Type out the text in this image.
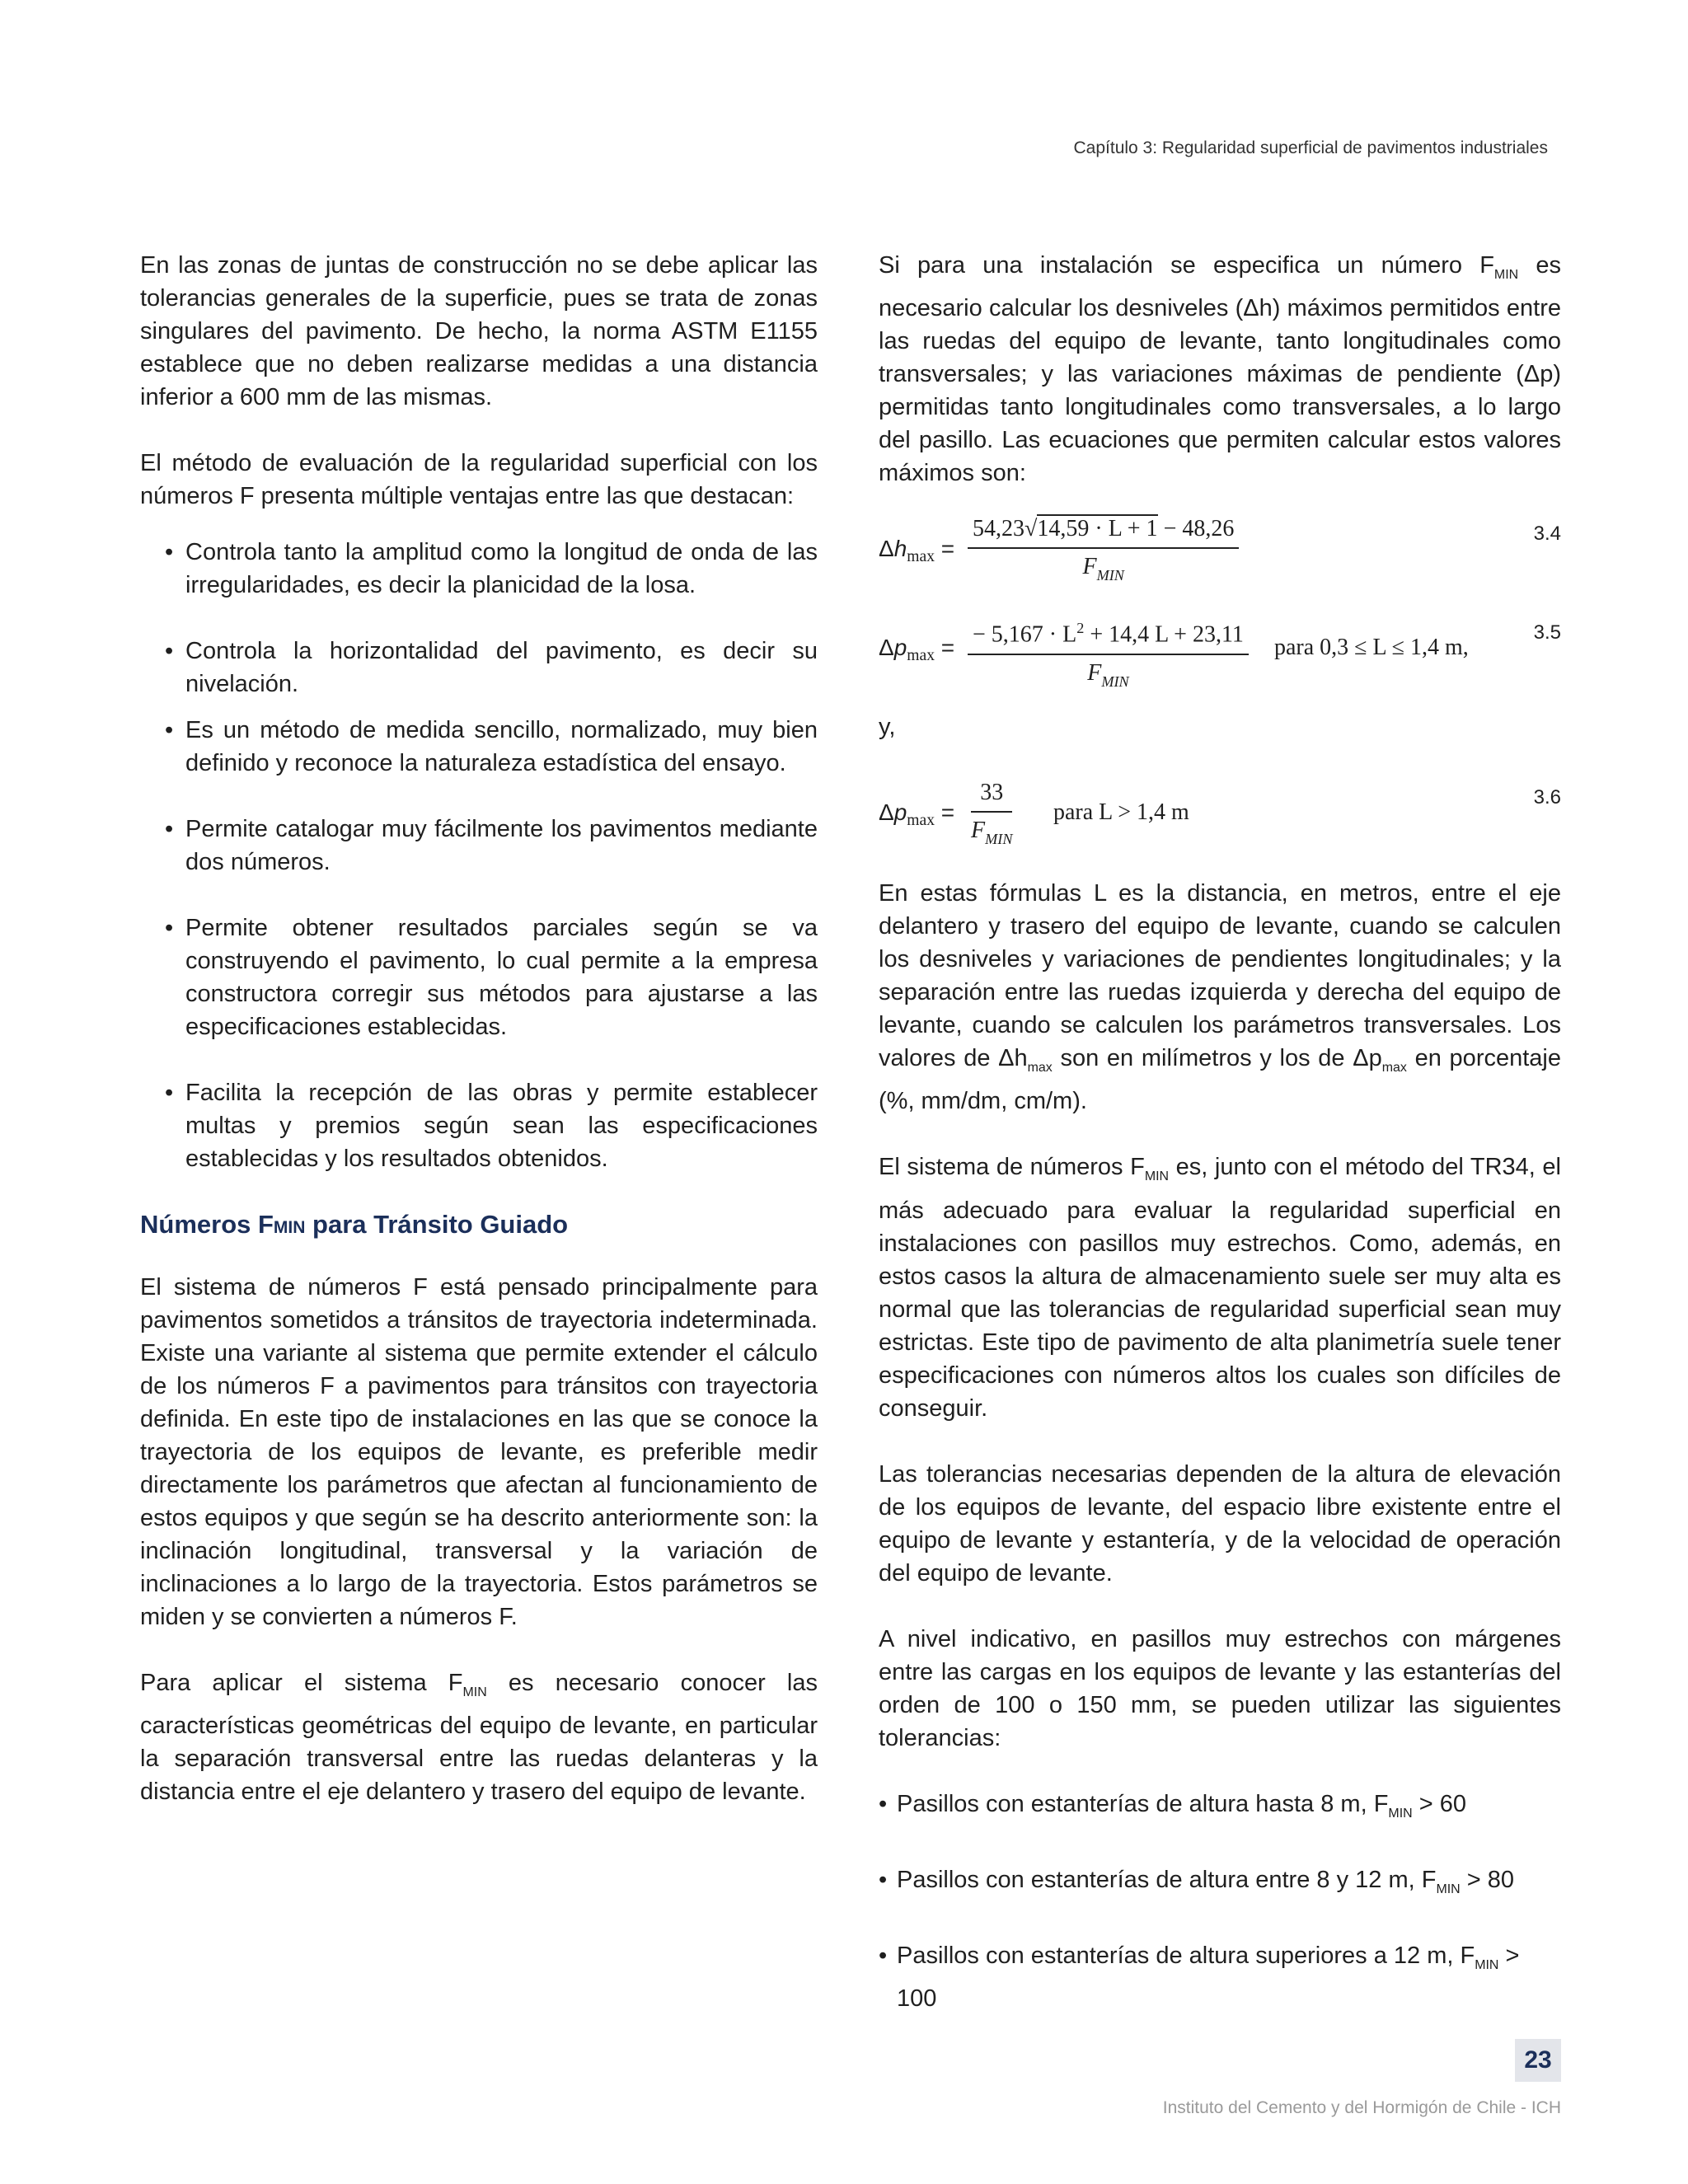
Capítulo 3: Regularidad superficial de pavimentos industriales

En las zonas de juntas de construcción no se debe aplicar las tolerancias generales de la superficie, pues se trata de zonas singulares del pavimento. De hecho, la norma ASTM E1155 establece que no deben realizarse medidas a una distancia inferior a 600 mm de las mismas.

El método de evaluación de la regularidad superficial con los números F presenta múltiple ventajas entre las que destacan:

• Controla tanto la amplitud como la longitud de onda de las irregularidades, es decir la planicidad de la losa.
• Controla la horizontalidad del pavimento, es decir su nivelación.
• Es un método de medida sencillo, normalizado, muy bien definido y reconoce la naturaleza estadística del ensayo.
• Permite catalogar muy fácilmente los pavimentos mediante dos números.
• Permite obtener resultados parciales según se va construyendo el pavimento, lo cual permite a la empresa constructora corregir sus métodos para ajustarse a las especificaciones establecidas.
• Facilita la recepción de las obras y permite establecer multas y premios según sean las especificaciones establecidas y los resultados obtenidos.
Números FMIN para Tránsito Guiado

El sistema de números F está pensado principalmente para pavimentos sometidos a tránsitos de trayectoria indeterminada. Existe una variante al sistema que permite extender el cálculo de los números F a pavimentos para tránsitos con trayectoria definida. En este tipo de instalaciones en las que se conoce la trayectoria de los equipos de levante, es preferible medir directamente los parámetros que afectan al funcionamiento de estos equipos y que según se ha descrito anteriormente son: la inclinación longitudinal, transversal y la variación de inclinaciones a lo largo de la trayectoria. Estos parámetros se miden y se convierten a números F.

Para aplicar el sistema $F_{MIN}$ es necesario conocer las características geométricas del equipo de levante, en particular la separación transversal entre las ruedas delanteras y la distancia entre el eje delantero y trasero del equipo de levante.

Si para una instalación se especifica un número $F_{MIN}$ es necesario calcular los desniveles (Δh) máximos permitidos entre las ruedas del equipo de levante, tanto longitudinales como transversales; y las variaciones máximas de pendiente (Δp) permitidas tanto longitudinales como transversales, a lo largo del pasillo. Las ecuaciones que permiten calcular estos valores máximos son:

$\Delta h_{max}$ =
54,23√14,59 · L + 1 − 48,26
$F_{MIN}$
3.4
$\Delta p_{max}$ =
− $5,167 \cdot L^2 + 14,4$ L + 23,11
$F_{MIN}$
para 0,3 ≤ L ≤ 1,4 m,
3.5

y,

$\Delta p_{max}$ =
33
$F_{MIN}$
para L > 1,4 m
3.6

En estas fórmulas L es la distancia, en metros, entre el eje delantero y trasero del equipo de levante, cuando se calculen los desniveles y variaciones de pendientes longitudinales; y la separación entre las ruedas izquierda y derecha del equipo de levante, cuando se calculen los parámetros transversales. Los valores de $\Delta h_{max}$ son en milímetros y los de $\Delta p_{max}$ en porcentaje (%, mm/dm, cm/m).

El sistema de números $F_{MIN}$ es, junto con el método del TR34, el más adecuado para evaluar la regularidad superficial en instalaciones con pasillos muy estrechos. Como, además, en estos casos la altura de almacenamiento suele ser muy alta es normal que las tolerancias de regularidad superficial sean muy estrictas. Este tipo de pavimento de alta planimetría suele tener especificaciones con números altos los cuales son difíciles de conseguir.

Las tolerancias necesarias dependen de la altura de elevación de los equipos de levante, del espacio libre existente entre el equipo de levante y estantería, y de la velocidad de operación del equipo de levante.

A nivel indicativo, en pasillos muy estrechos con márgenes entre las cargas en los equipos de levante y las estanterías del orden de 100 o 150 mm, se pueden utilizar las siguientes tolerancias:

• Pasillos con estanterías de altura hasta 8 m, $F_{MIN} > 60$
• Pasillos con estanterías de altura entre 8 y 12 m, $F_{MIN} > 80$
• Pasillos con estanterías de altura superiores a 12 m, $F_{MIN} > 100$
23
Instituto del Cemento y del Hormigón de Chile - ICH
